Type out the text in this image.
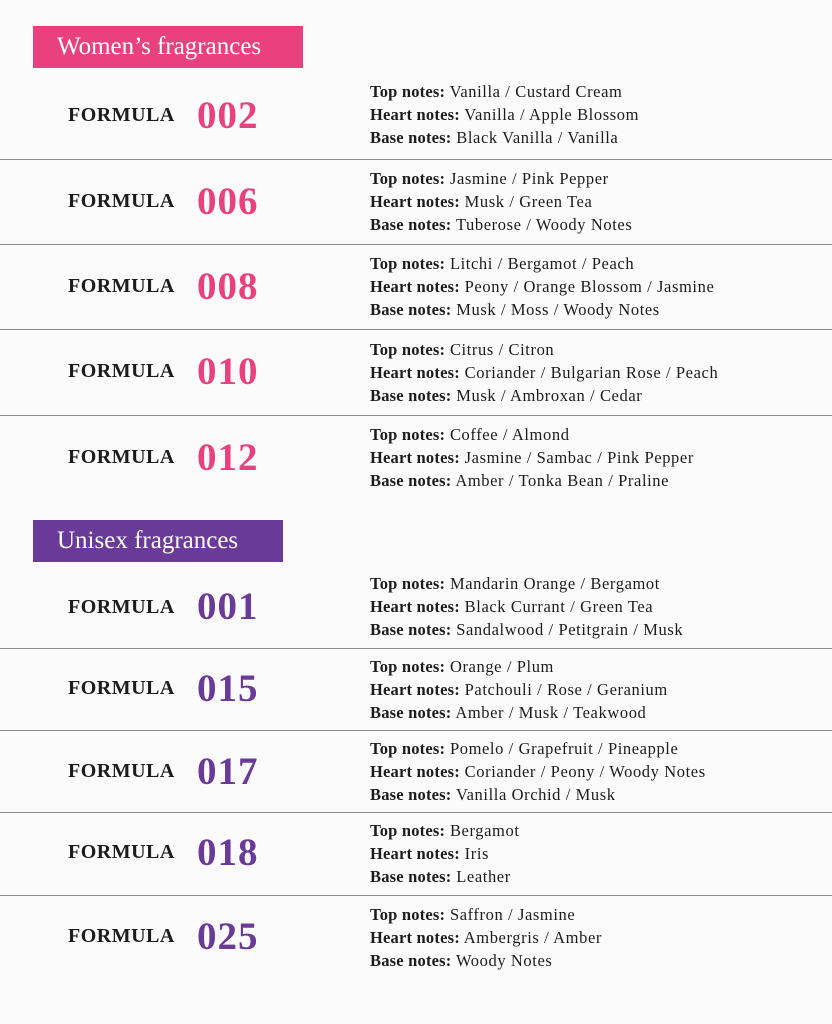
Women’s fragrances
FORMULA 002
Top notes: Vanilla / Custard Cream
Heart notes: Vanilla / Apple Blossom
Base notes: Black Vanilla / Vanilla
FORMULA 006
Top notes: Jasmine / Pink Pepper
Heart notes: Musk / Green Tea
Base notes: Tuberose / Woody Notes
FORMULA 008
Top notes: Litchi / Bergamot / Peach
Heart notes: Peony / Orange Blossom / Jasmine
Base notes: Musk / Moss / Woody Notes
FORMULA 010
Top notes: Citrus / Citron
Heart notes: Coriander / Bulgarian Rose / Peach
Base notes: Musk / Ambroxan / Cedar
FORMULA 012
Top notes: Coffee / Almond
Heart notes: Jasmine / Sambac / Pink Pepper
Base notes: Amber / Tonka Bean / Praline
Unisex fragrances
FORMULA 001
Top notes: Mandarin Orange / Bergamot
Heart notes: Black Currant / Green Tea
Base notes: Sandalwood / Petitgrain / Musk
FORMULA 015
Top notes: Orange / Plum
Heart notes: Patchouli / Rose / Geranium
Base notes: Amber / Musk / Teakwood
FORMULA 017
Top notes: Pomelo / Grapefruit / Pineapple
Heart notes: Coriander / Peony / Woody Notes
Base notes: Vanilla Orchid / Musk
FORMULA 018
Top notes: Bergamot
Heart notes: Iris
Base notes: Leather
FORMULA 025
Top notes: Saffron / Jasmine
Heart notes: Ambergris / Amber
Base notes: Woody Notes
